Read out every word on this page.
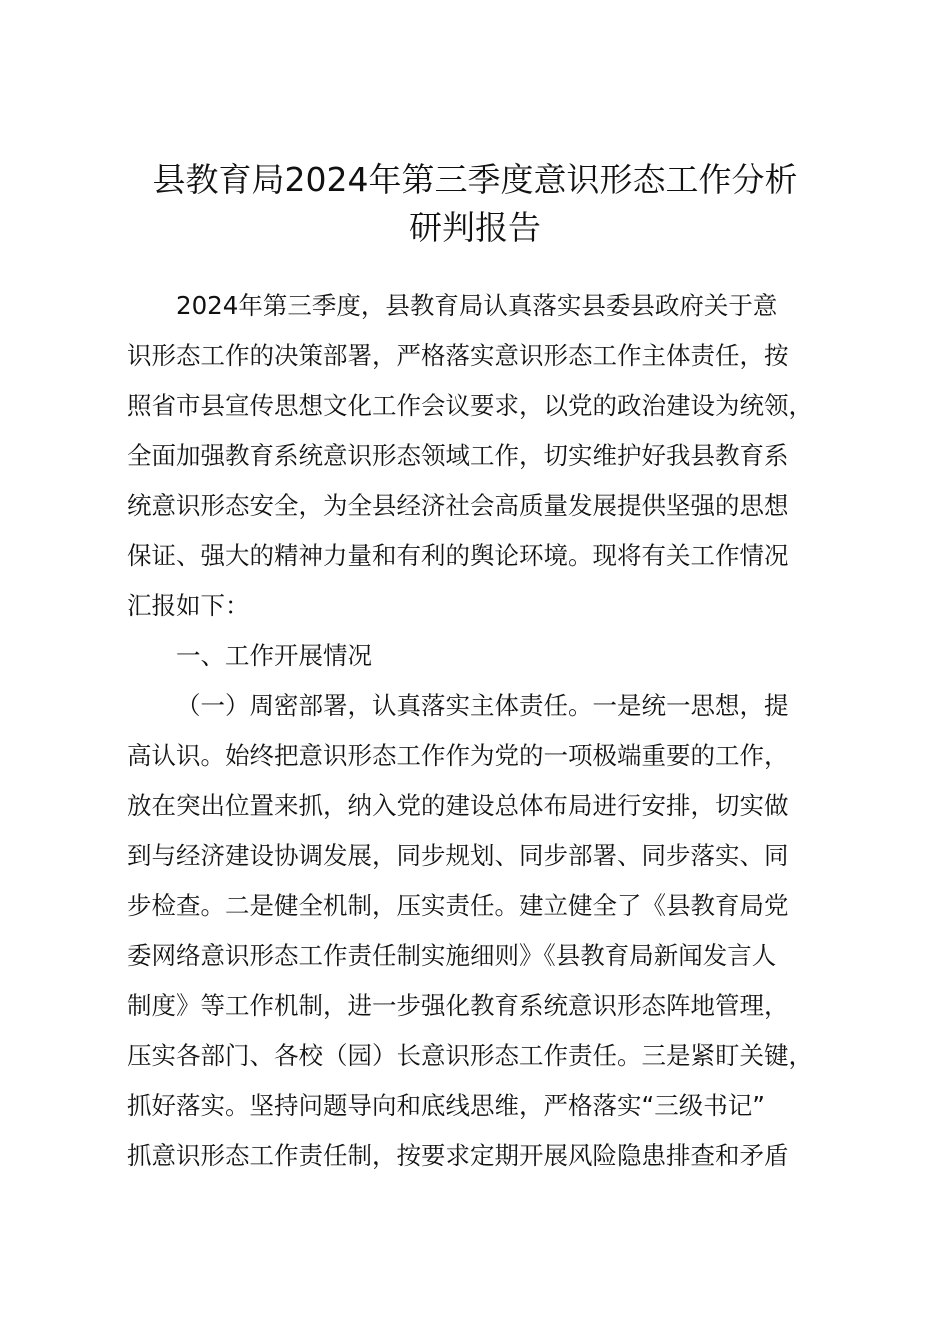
县教育局2024年第三季度意识形态工作分析
研判报告

2024年第三季度，县教育局认真落实县委县政府关于意

识形态工作的决策部署，严格落实意识形态工作主体责任，按

照省市县宣传思想文化工作会议要求，以党的政治建设为统领，

全面加强教育系统意识形态领域工作，切实维护好我县教育系

统意识形态安全，为全县经济社会高质量发展提供坚强的思想

保证、强大的精神力量和有利的舆论环境。现将有关工作情况

汇报如下：

一、工作开展情况

（一）周密部署，认真落实主体责任。一是统一思想，提

高认识。始终把意识形态工作作为党的一项极端重要的工作，

放在突出位置来抓，纳入党的建设总体布局进行安排，切实做

到与经济建设协调发展，同步规划、同步部署、同步落实、同

步检查。二是健全机制，压实责任。建立健全了《县教育局党

委网络意识形态工作责任制实施细则》《县教育局新闻发言人

制度》等工作机制，进一步强化教育系统意识形态阵地管理，

压实各部门、各校（园）长意识形态工作责任。三是紧盯关键，

抓好落实。坚持问题导向和底线思维，严格落实“三级书记”

抓意识形态工作责任制，按要求定期开展风险隐患排查和矛盾
